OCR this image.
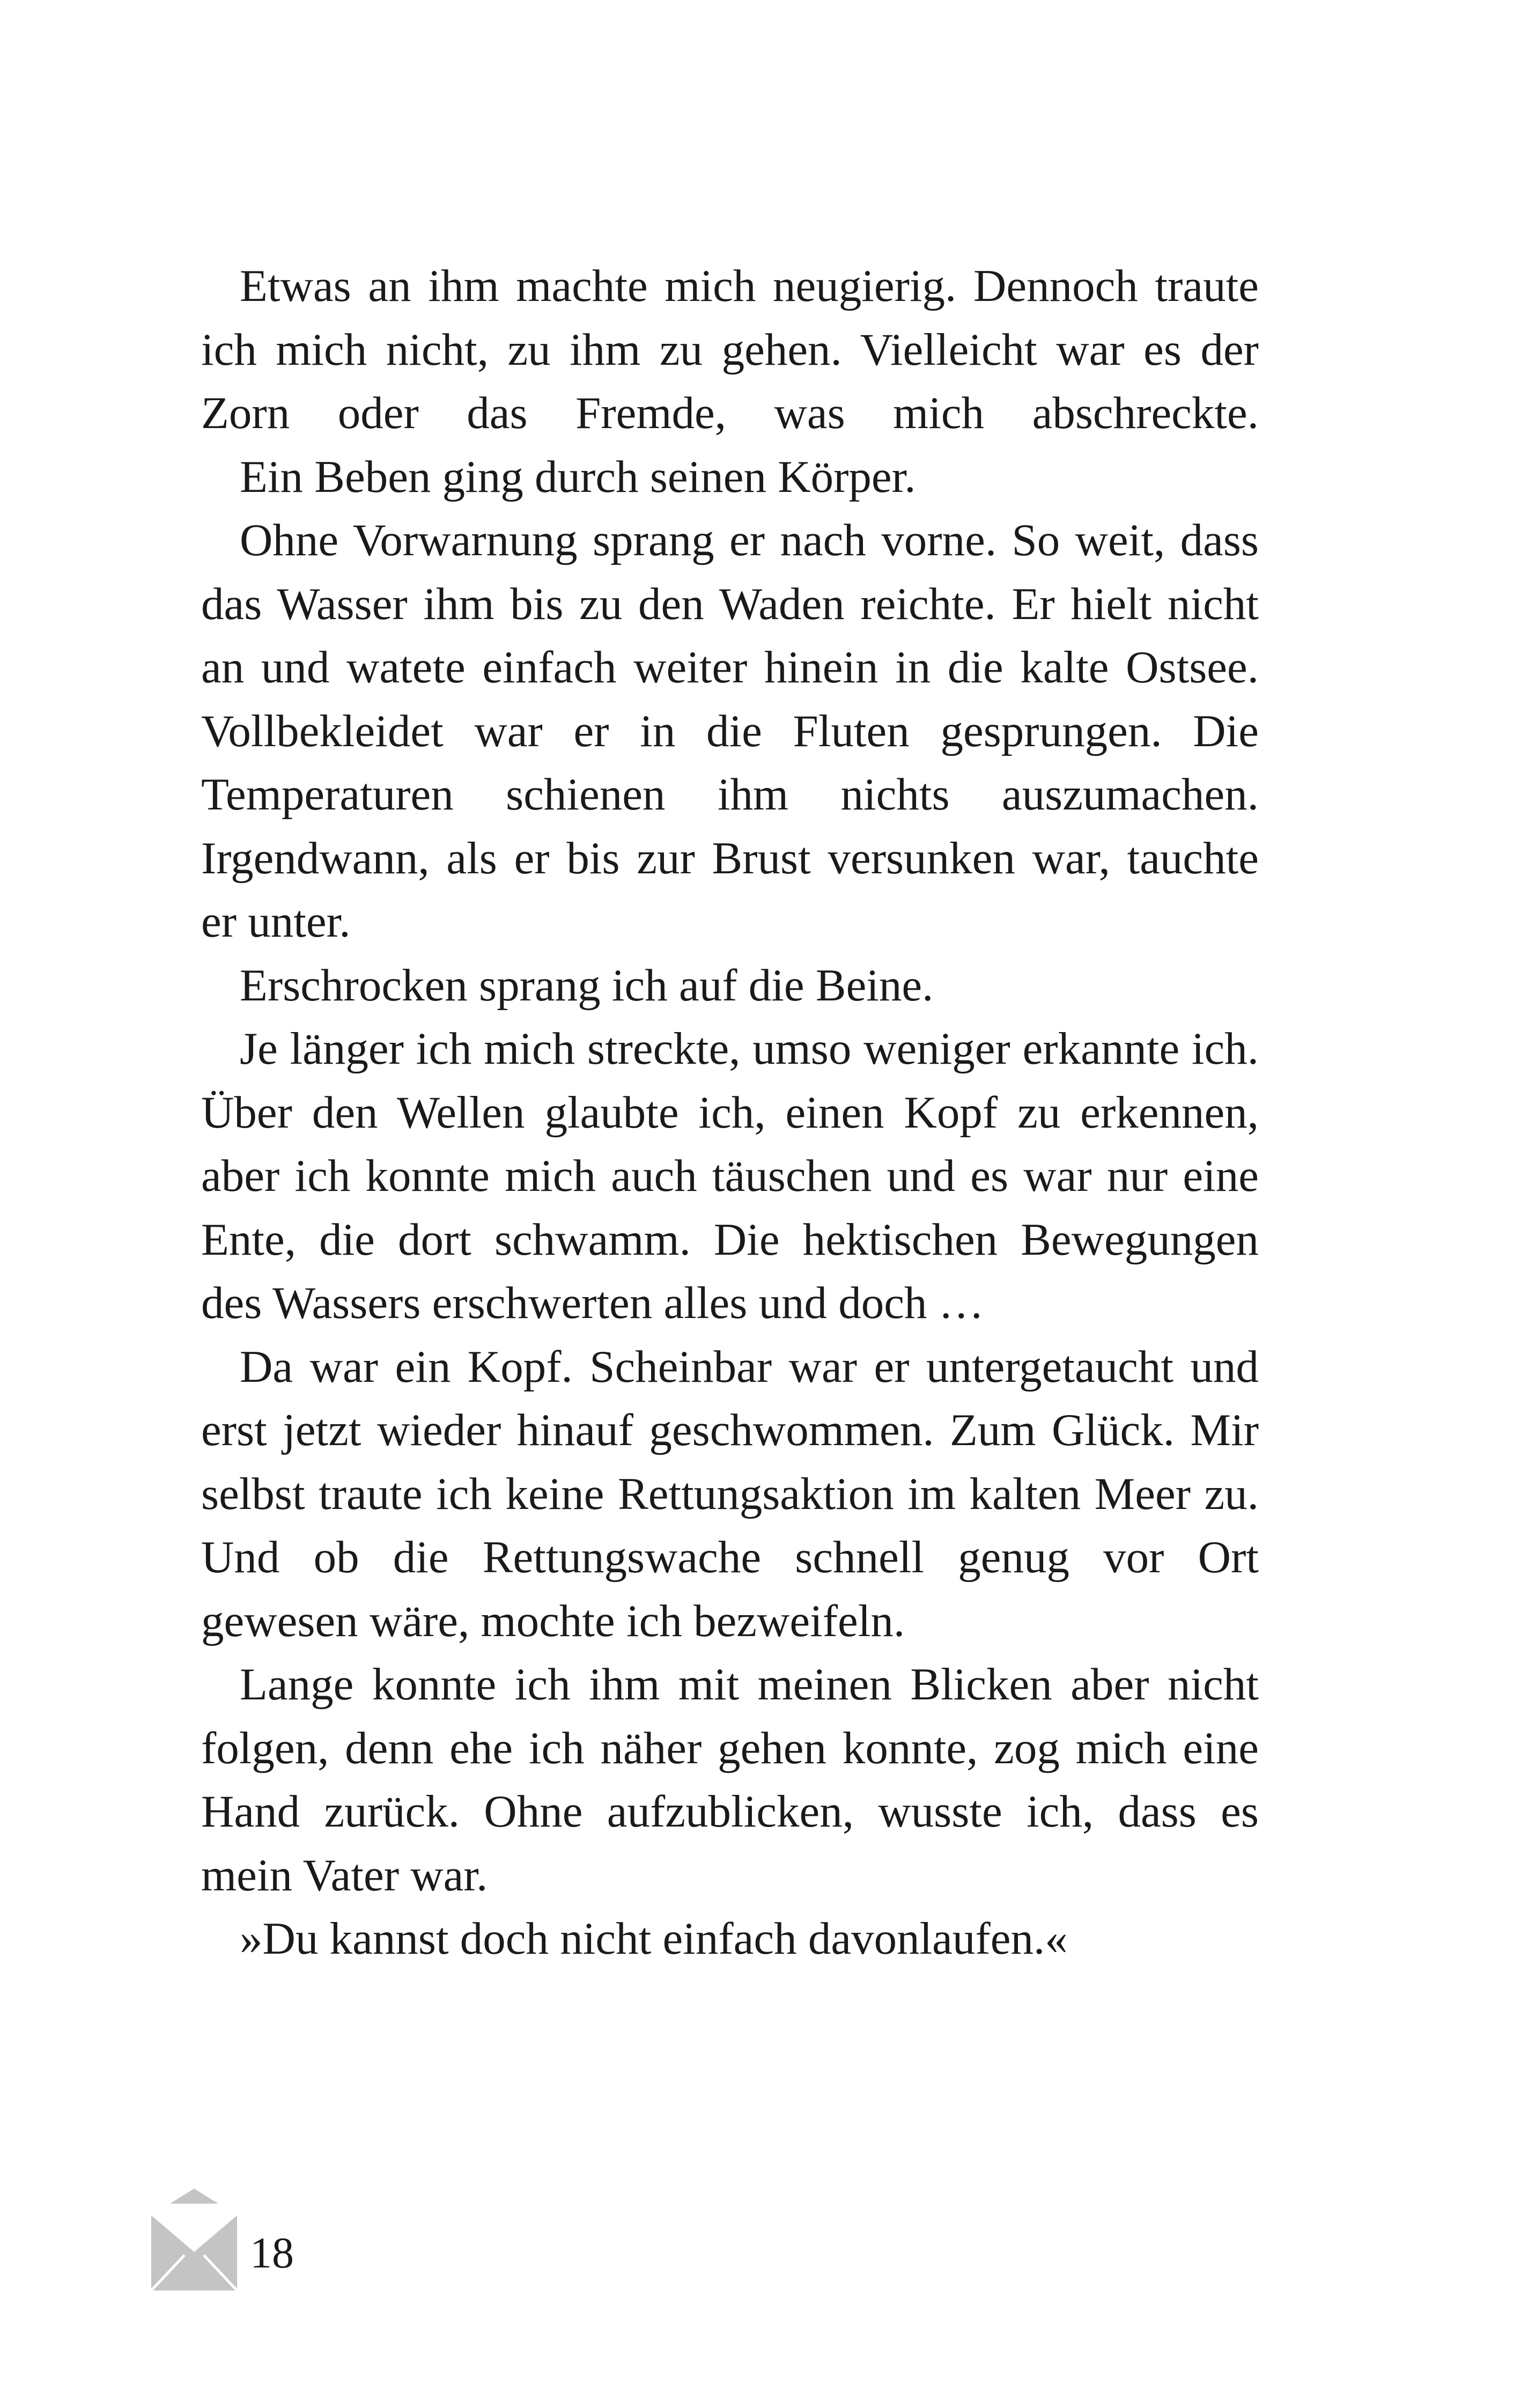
Etwas an ihm machte mich neugierig. Dennoch traute ich mich nicht, zu ihm zu gehen. Vielleicht war es der Zorn oder das Fremde, was mich abschreckte.

Ein Beben ging durch seinen Körper.

Ohne Vorwarnung sprang er nach vorne. So weit, dass das Wasser ihm bis zu den Waden reichte. Er hielt nicht an und watete einfach weiter hinein in die kalte Ostsee. Vollbekleidet war er in die Fluten gesprungen. Die Temperaturen schienen ihm nichts auszumachen. Irgendwann, als er bis zur Brust versunken war, tauchte er unter.

Erschrocken sprang ich auf die Beine.

Je länger ich mich streckte, umso weniger erkannte ich. Über den Wellen glaubte ich, einen Kopf zu erkennen, aber ich konnte mich auch täuschen und es war nur eine Ente, die dort schwamm. Die hektischen Bewegungen des Wassers erschwerten alles und doch …

Da war ein Kopf. Scheinbar war er untergetaucht und erst jetzt wieder hinauf geschwommen. Zum Glück. Mir selbst traute ich keine Rettungsaktion im kalten Meer zu. Und ob die Rettungswache schnell genug vor Ort gewesen wäre, mochte ich bezweifeln.

Lange konnte ich ihm mit meinen Blicken aber nicht folgen, denn ehe ich näher gehen konnte, zog mich eine Hand zurück. Ohne aufzublicken, wusste ich, dass es mein Vater war.

»Du kannst doch nicht einfach davonlaufen.«

18
